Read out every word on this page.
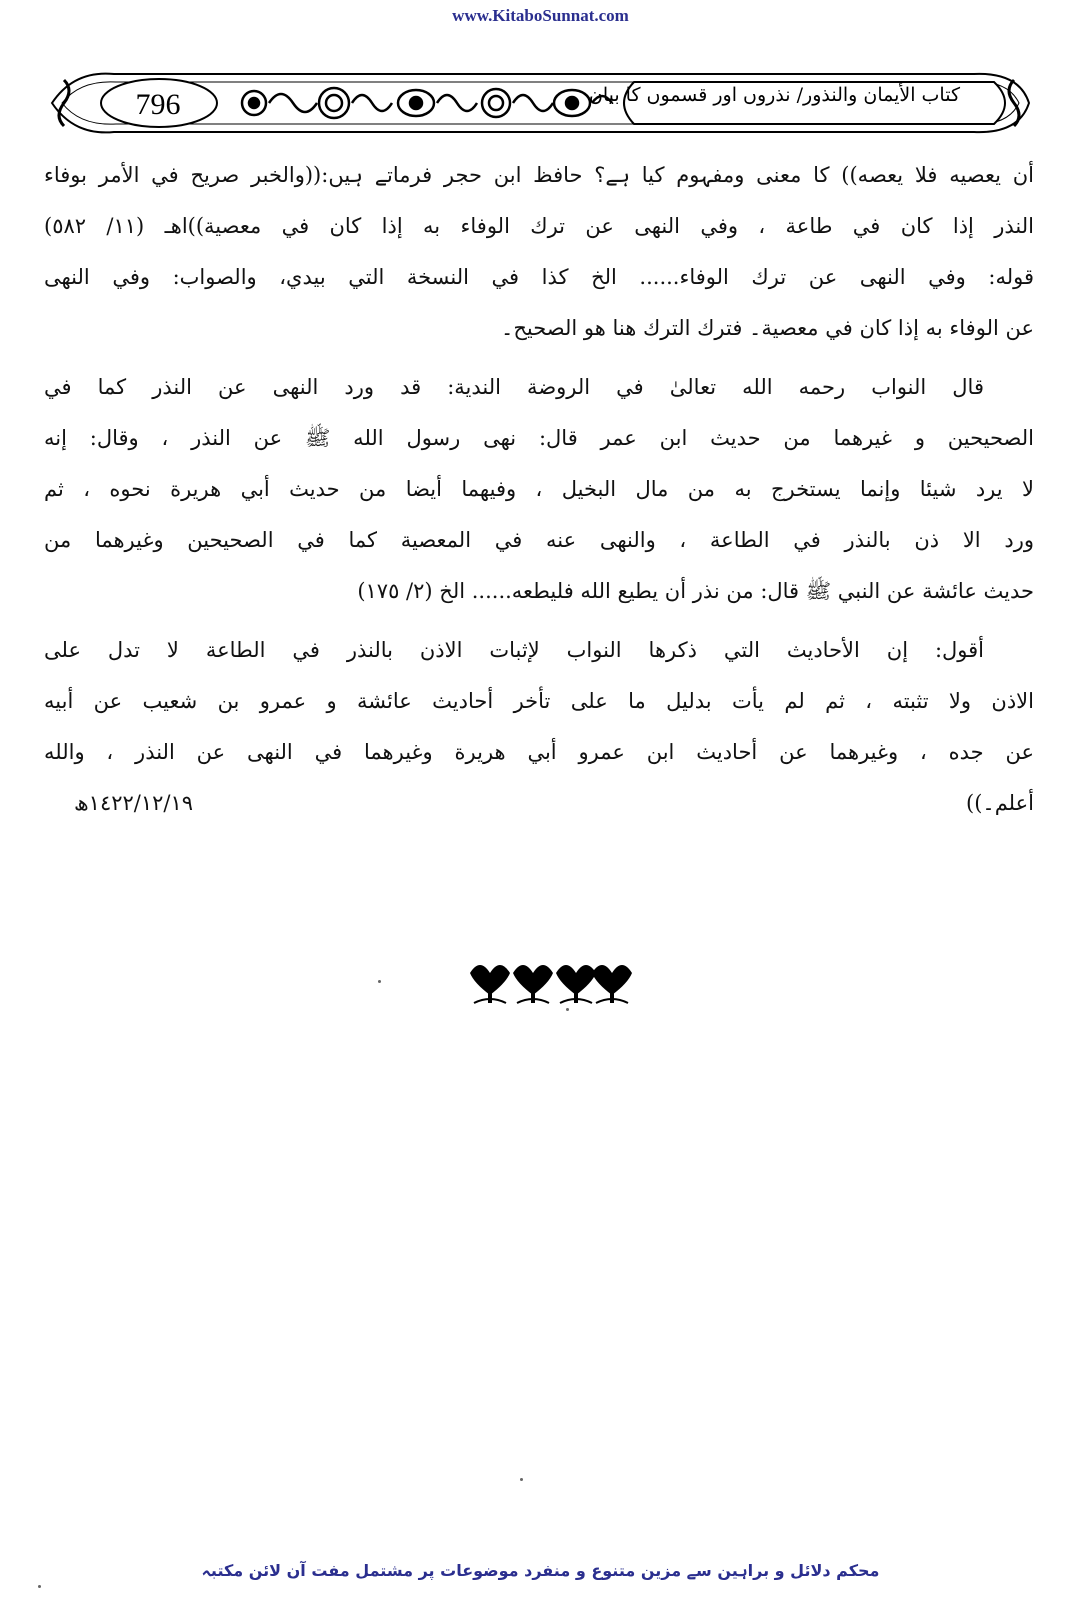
www.KitaboSunnat.com
796	كتاب الأيمان والنذور/ نذروں اور قسموں کا بیان
أن يعصيه فلا يعصه)) کا معنی ومفہوم کیا ہے؟ حافظ ابن حجر فرماتے ہیں:((والخبر صريح في الأمر بوفاء
النذر إذا كان في طاعة ، وفي النهى عن ترك الوفاء به إذا كان في معصية))اهـ (١١/ ٥٨٢)
قوله: وفي النهى عن ترك الوفاء...... الخ كذا في النسخة التي بيدي، والصواب: وفي النهى
عن الوفاء به إذا كان في معصية۔ فترك الترك هنا هو الصحيح۔
قال النواب رحمه الله تعالىٰ في الروضة الندية: قد ورد النهى عن النذر كما في
الصحيحين و غيرهما من حديث ابن عمر قال: نهى رسول الله ﷺ عن النذر ، وقال: إنه
لا يرد شيئا وإنما يستخرج به من مال البخيل ، وفيهما أيضا من حديث أبي هريرة نحوه ، ثم
ورد الا ذن بالنذر في الطاعة ، والنهى عنه في المعصية كما في الصحيحين وغيرهما من
حديث عائشة عن النبي ﷺ قال: من نذر أن يطيع الله فليطعه...... الخ (٢/ ١٧٥)
أقول: إن الأحاديث التي ذكرها النواب لإثبات الاذن بالنذر في الطاعة لا تدل على
الاذن ولا تثبته ، ثم لم يأت بدليل ما على تأخر أحاديث عائشة و عمرو بن شعيب عن أبيه
عن جده ، وغيرهما عن أحاديث ابن عمرو أبي هريرة وغيرهما في النهى عن النذر ، والله
أعلم۔))
١٤٢٢/١٢/١٩ھ
محکم دلائل و براہین سے مزین متنوع و منفرد موضوعات پر مشتمل مفت آن لائن مکتبہ
